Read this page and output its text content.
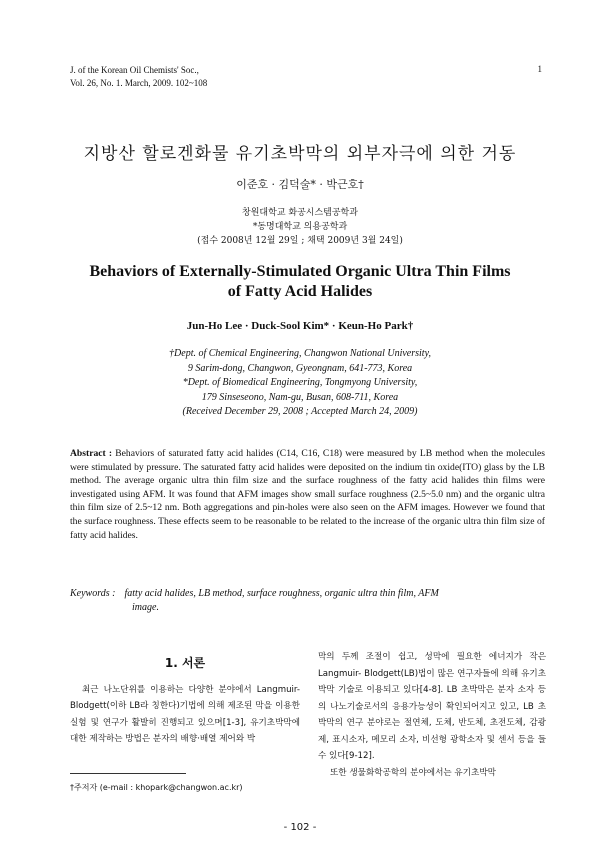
J. of the Korean Oil Chemists' Soc.,
Vol. 26, No. 1. March, 2009. 102~108
1
지방산 할로겐화물 유기초박막의 외부자극에 의한 거동
이준호 · 김덕술* · 박근호†
창원대학교 화공시스템공학과
*동명대학교 의용공학과
(접수 2008년 12월 29일 ; 채택 2009년 3월 24일)
Behaviors of Externally-Stimulated Organic Ultra Thin Films
of Fatty Acid Halides
Jun-Ho Lee · Duck-Sool Kim* · Keun-Ho Park†
†Dept. of Chemical Engineering, Changwon National University,
9 Sarim-dong, Changwon, Gyeongnam, 641-773, Korea
*Dept. of Biomedical Engineering, Tongmyong University,
179 Sinseseono, Nam-gu, Busan, 608-711, Korea
(Received December 29, 2008 ; Accepted March 24, 2009)
Abstract : Behaviors of saturated fatty acid halides (C14, C16, C18) were measured by LB method when the molecules were stimulated by pressure. The saturated fatty acid halides were deposited on the indium tin oxide(ITO) glass by the LB method. The average organic ultra thin film size and the surface roughness of the fatty acid halides thin films were investigated using AFM. It was found that AFM images show small surface roughness (2.5~5.0 nm) and the organic ultra thin film size of 2.5~12 nm. Both aggregations and pin-holes were also seen on the AFM images. However we found that the surface roughness. These effects seem to be reasonable to be related to the increase of the organic ultra thin film size of fatty acid halides.
Keywords : fatty acid halides, LB method, surface roughness, organic ultra thin film, AFM
image.
1. 서론

최근 나노단위를 이용하는 다양한 분야에서 Langmuir-Blodgett(이하 LB라 칭한다)기법에 의해 제조된 막을 이용한 실험 및 연구가 활발히 진행되고 있으며[1-3], 유기초박막에 대한 제작하는 방법은 분자의 배향·배열 제어와 박

막의 두께 조절이 쉽고, 성막에 필요한 에너지가 작은 Langmuir- Blodgett(LB)법이 많은 연구자들에 의해 유기초박막 기술로 이용되고 있다[4-8]. LB 초박막은 분자 소자 등의 나노기술로서의 응용가능성이 확인되어지고 있고, LB 초박막의 연구 분야로는 절연체, 도체, 반도체, 초전도체, 감광제, 표시소자, 메모리 소자, 비선형 광학소자 및 센서 등을 들 수 있다[9-12].

또한 생물화학공학의 분야에서는 유기초박막

†주저자 (e-mail : khopark@changwon.ac.kr)
- 102 -
